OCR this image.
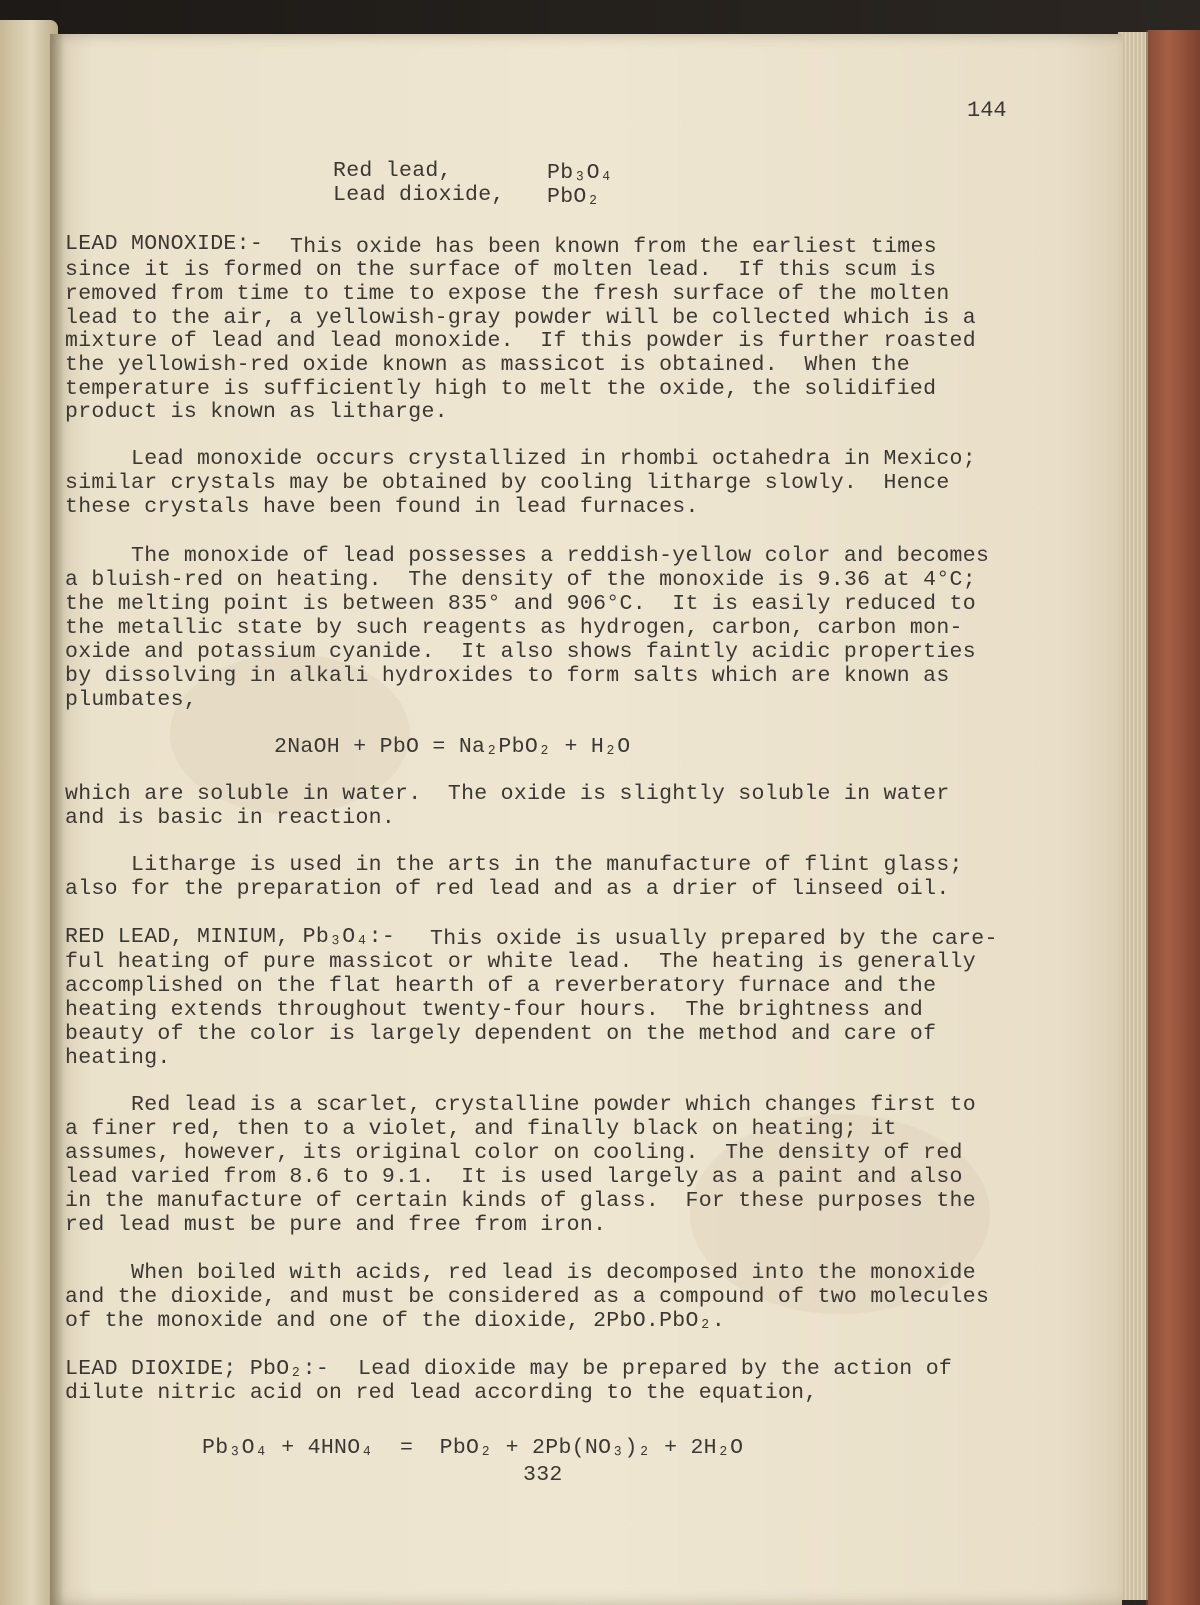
144
Red lead,	Pb₃O₄
Lead dioxide, PbO₂
LEAD MONOXIDE:- This oxide has been known from the earliest times
since it is formed on the surface of molten lead.  If this scum is
removed from time to time to expose the fresh surface of the molten
lead to the air, a yellowish-gray powder will be collected which is a
mixture of lead and lead monoxide.  If this powder is further roasted
the yellowish-red oxide known as massicot is obtained.  When the
temperature is sufficiently high to melt the oxide, the solidified
product is known as litharge.
Lead monoxide occurs crystallized in rhombi octahedra in Mexico;
similar crystals may be obtained by cooling litharge slowly.  Hence
these crystals have been found in lead furnaces.
The monoxide of lead possesses a reddish-yellow color and becomes
a bluish-red on heating.  The density of the monoxide is 9.36 at 4°C;
the melting point is between 835° and 906°C.  It is easily reduced to
the metallic state by such reagents as hydrogen, carbon, carbon mon-
oxide and potassium cyanide.  It also shows faintly acidic properties
by dissolving in alkali hydroxides to form salts which are known as
plumbates,
2NaOH + PbO = Na₂PbO₂ + H₂O
which are soluble in water.  The oxide is slightly soluble in water
and is basic in reaction.
Litharge is used in the arts in the manufacture of flint glass;
also for the preparation of red lead and as a drier of linseed oil.
RED LEAD, MINIUM, Pb₃O₄:- This oxide is usually prepared by the care-
ful heating of pure massicot or white lead.  The heating is generally
accomplished on the flat hearth of a reverberatory furnace and the
heating extends throughout twenty-four hours.  The brightness and
beauty of the color is largely dependent on the method and care of
heating.
Red lead is a scarlet, crystalline powder which changes first to
a finer red, then to a violet, and finally black on heating; it
assumes, however, its original color on cooling.  The density of red
lead varied from 8.6 to 9.1.  It is used largely as a paint and also
in the manufacture of certain kinds of glass.  For these purposes the
red lead must be pure and free from iron.
When boiled with acids, red lead is decomposed into the monoxide
and the dioxide, and must be considered as a compound of two molecules
of the monoxide and one of the dioxide, 2PbO.PbO₂.
LEAD DIOXIDE; PbO₂:- Lead dioxide may be prepared by the action of
dilute nitric acid on red lead according to the equation,
Pb₃O₄ + 4HNO₄  =  PbO₂ + 2Pb(NO₃)₂ + 2H₂O
332
